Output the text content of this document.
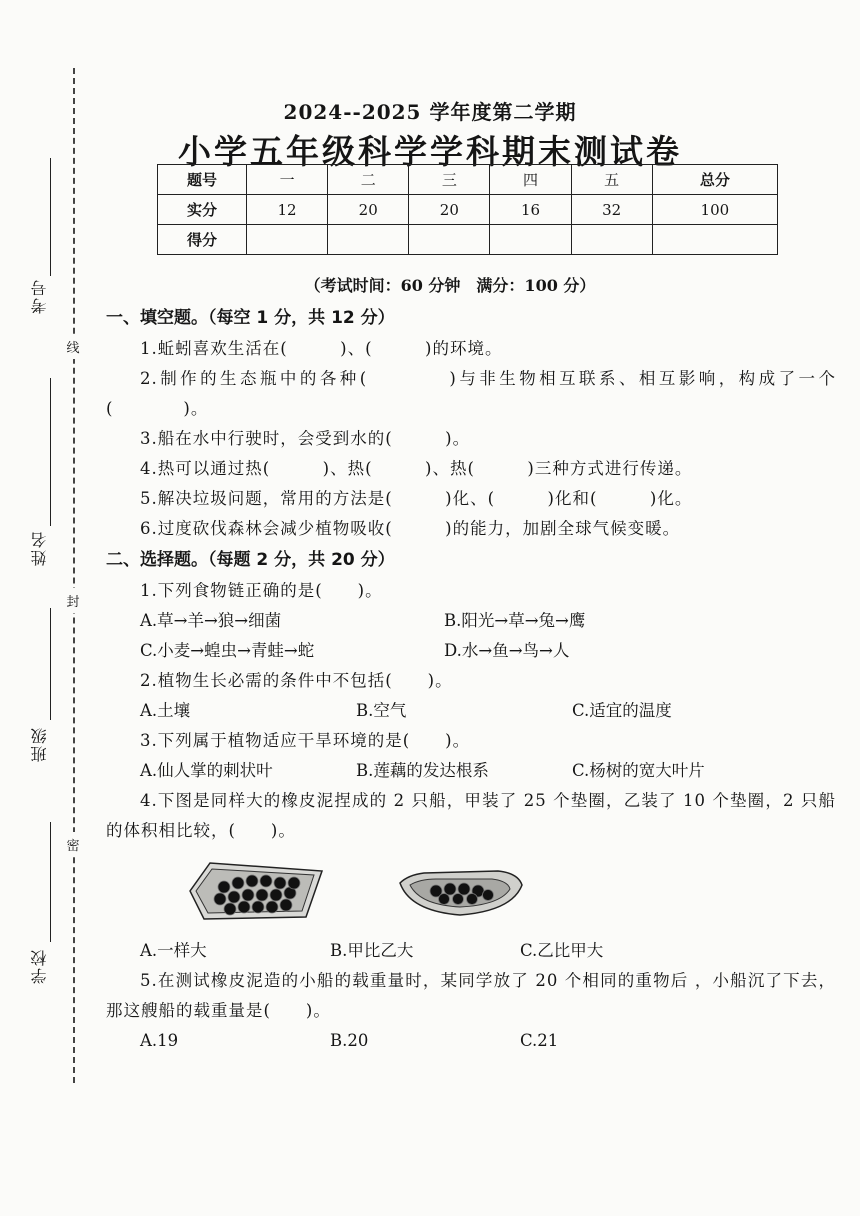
线
封
密
考号
姓名
班级
学校
2024--2025 学年度第二学期
小学五年级科学学科期末测试卷
题号	一	二	三	四	五	总分
实分	12	20	20	16	32	100
得分						
（考试时间：60 分钟　满分：100 分）
一、填空题。（每空 1 分，共 12 分）
1.蚯蚓喜欢生活在(　　　)、(　　　)的环境。
2.制作的生态瓶中的各种(　　　　)与非生物相互联系、相互影响，构成了一个(　　　　)。
3.船在水中行驶时，会受到水的(　　　)。
4.热可以通过热(　　　)、热(　　　)、热(　　　)三种方式进行传递。
5.解决垃圾问题，常用的方法是(　　　)化、(　　　)化和(　　　)化。
6.过度砍伐森林会减少植物吸收(　　　)的能力，加剧全球气候变暖。
二、选择题。（每题 2 分，共 20 分）
1.下列食物链正确的是(　　)。
A.草→羊→狼→细菌	B.阳光→草→兔→鹰
C.小麦→蝗虫→青蛙→蛇	D.水→鱼→鸟→人
2.植物生长必需的条件中不包括(　　)。
A.土壤	B.空气	C.适宜的温度
3.下列属于植物适应干旱环境的是(　　)。
A.仙人掌的刺状叶	B.莲藕的发达根系	C.杨树的宽大叶片
4.下图是同样大的橡皮泥捏成的 2 只船，甲装了 25 个垫圈，乙装了 10 个垫圈，2 只船的体积相比较，(　　)。
A.一样大	B.甲比乙大	C.乙比甲大
5.在测试橡皮泥造的小船的载重量时，某同学放了 20 个相同的重物后 ，小船沉了下去，那这艘船的载重量是(　　)。
A.19	B.20	C.21
